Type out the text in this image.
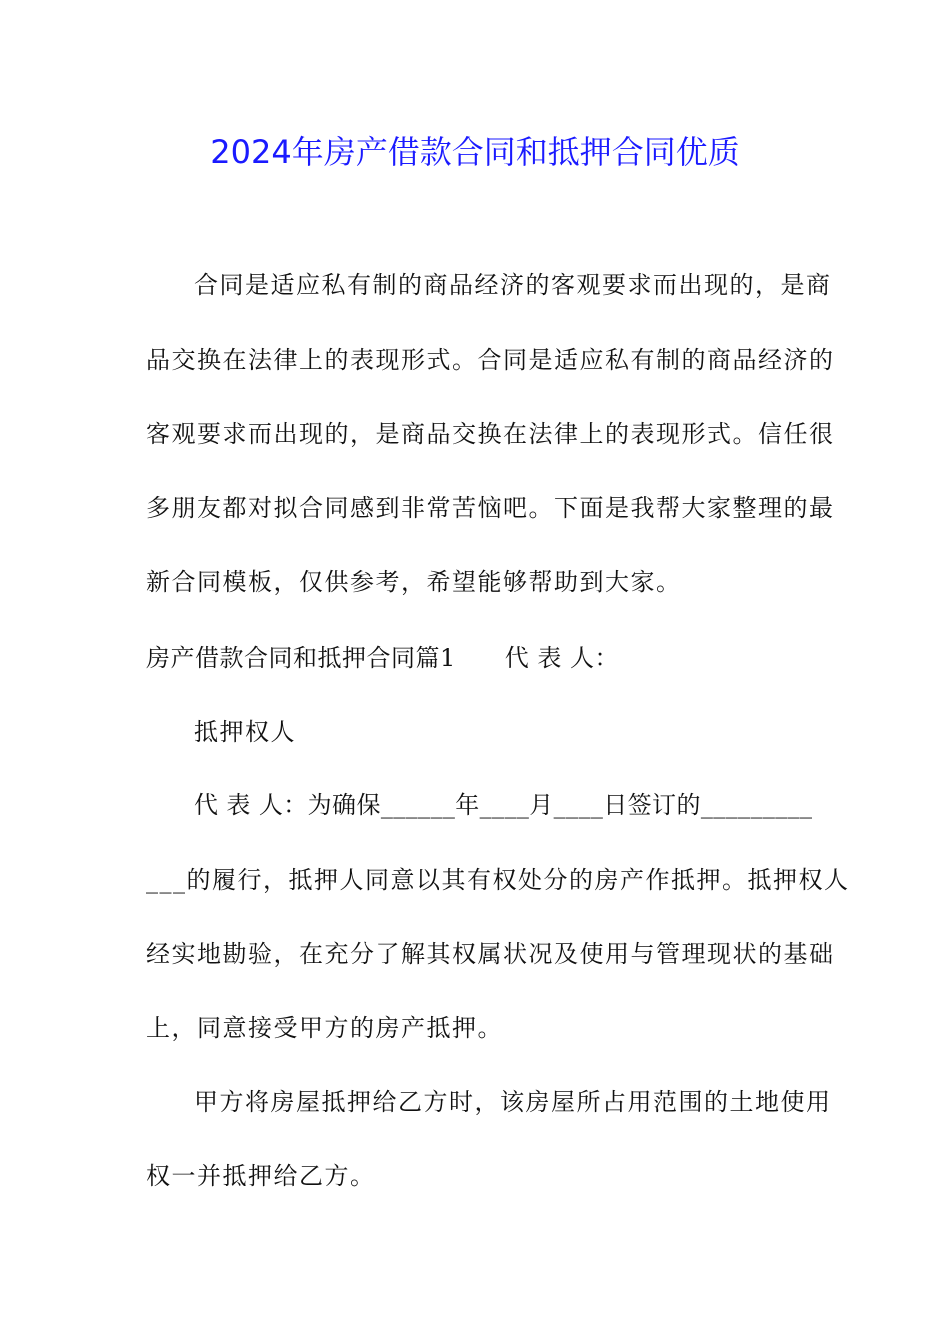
2024年房产借款合同和抵押合同优质
合同是适应私有制的商品经济的客观要求而出现的，是商
品交换在法律上的表现形式。合同是适应私有制的商品经济的
客观要求而出现的，是商品交换在法律上的表现形式。信任很
多朋友都对拟合同感到非常苦恼吧。下面是我帮大家整理的最
新合同模板，仅供参考，希望能够帮助到大家。
房产借款合同和抵押合同篇1　　代 表 人：
抵押权人
代 表 人：为确保______年____月____日签订的_________
___的履行，抵押人同意以其有权处分的房产作抵押。抵押权人
经实地勘验，在充分了解其权属状况及使用与管理现状的基础
上，同意接受甲方的房产抵押。
甲方将房屋抵押给乙方时，该房屋所占用范围的土地使用
权一并抵押给乙方。
